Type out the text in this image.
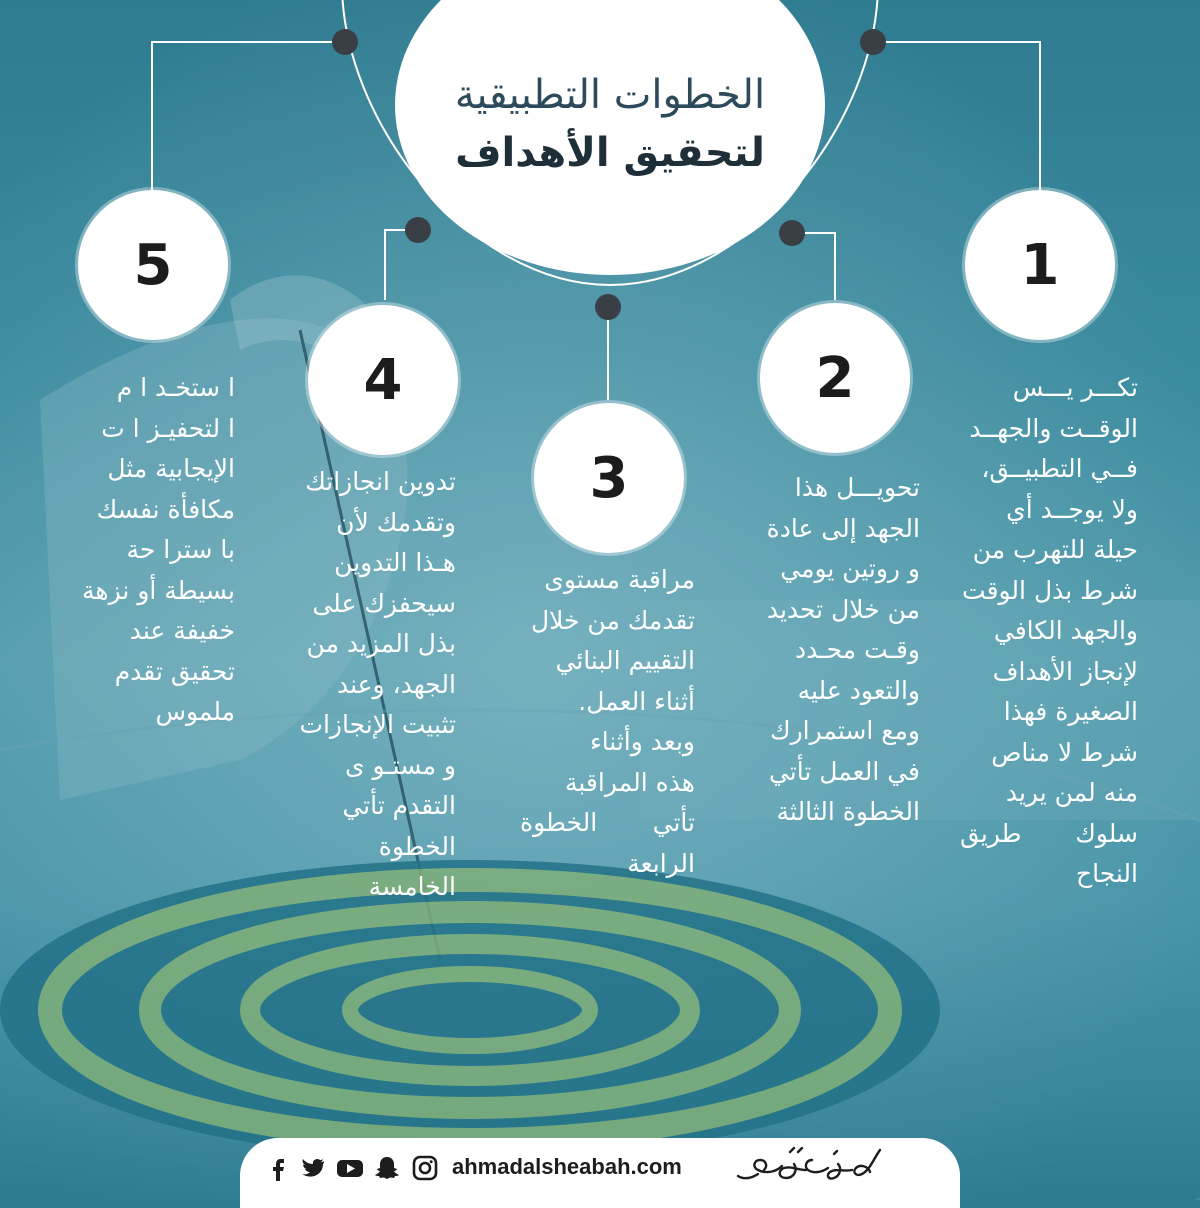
الخطوات التطبيقية
لتحقيق الأهداف
1
2
3
4
5
تكـــر يـــس
الوقــت والجهــد
فــي التطبيــق،
ولا يوجــد أي
حيلة للتهرب من
شرط بذل الوقت
والجهد الكافي
لإنجاز الأهداف
الصغيرة فهذا
شرط لا مناص
منه لمن يريد
سلوك طريق النجاح
تحويـــل هذا
الجهد إلى عادة
و روتين يومي
من خلال تحديد
وقـت محـدد
والتعود عليه
ومع استمرارك
في العمل تأتي
الخطوة الثالثة
مراقبة مستوى
تقدمك من خلال
التقييم البنائي
أثناء العمل.
وبعد وأثناء
هذه المراقبة
تأتي الخطوة الرابعة
تدوين انجازاتك
وتقدمك لأن
هـذا التدوين
سيحفزك على
بذل المزيد من
الجهد، وعند
تثبيت الإنجازات
و مستـو ى
التقدم تأتي
الخطوة الخامسة
ا ستخـد ا م
ا لتحفيـز ا ت
الإيجابية مثل
مكافأة نفسك
با سترا حة
بسيطة أو نزهة
خفيفة عند
تحقيق تقدم
ملموس
ahmadalsheabah.com
